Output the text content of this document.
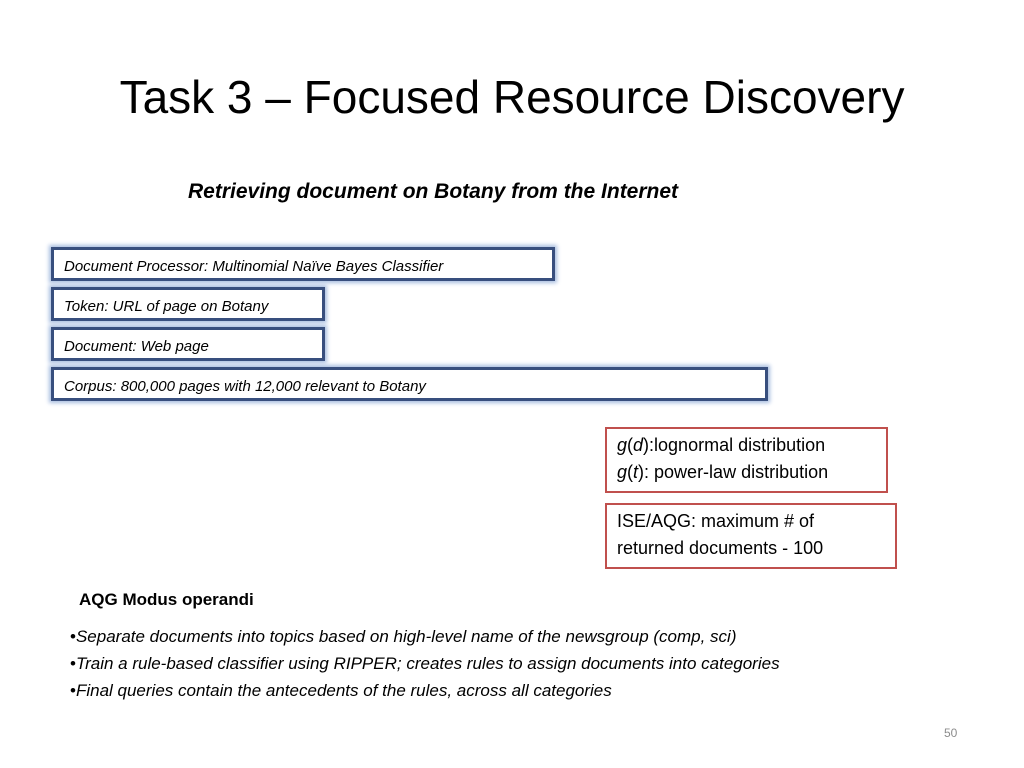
Task 3 – Focused Resource Discovery
Retrieving document on Botany from the Internet
Document Processor: Multinomial Naïve Bayes Classifier
Token: URL of page on Botany
Document: Web page
Corpus: 800,000 pages with 12,000 relevant to Botany
g(d):lognormal distribution
g(t): power-law distribution
ISE/AQG: maximum # of
returned documents - 100
AQG Modus operandi
•Separate documents into topics based on high-level name of the newsgroup (comp, sci)
•Train a rule-based classifier using RIPPER; creates rules to assign documents into categories
•Final queries contain the antecedents of the rules, across all categories
50
